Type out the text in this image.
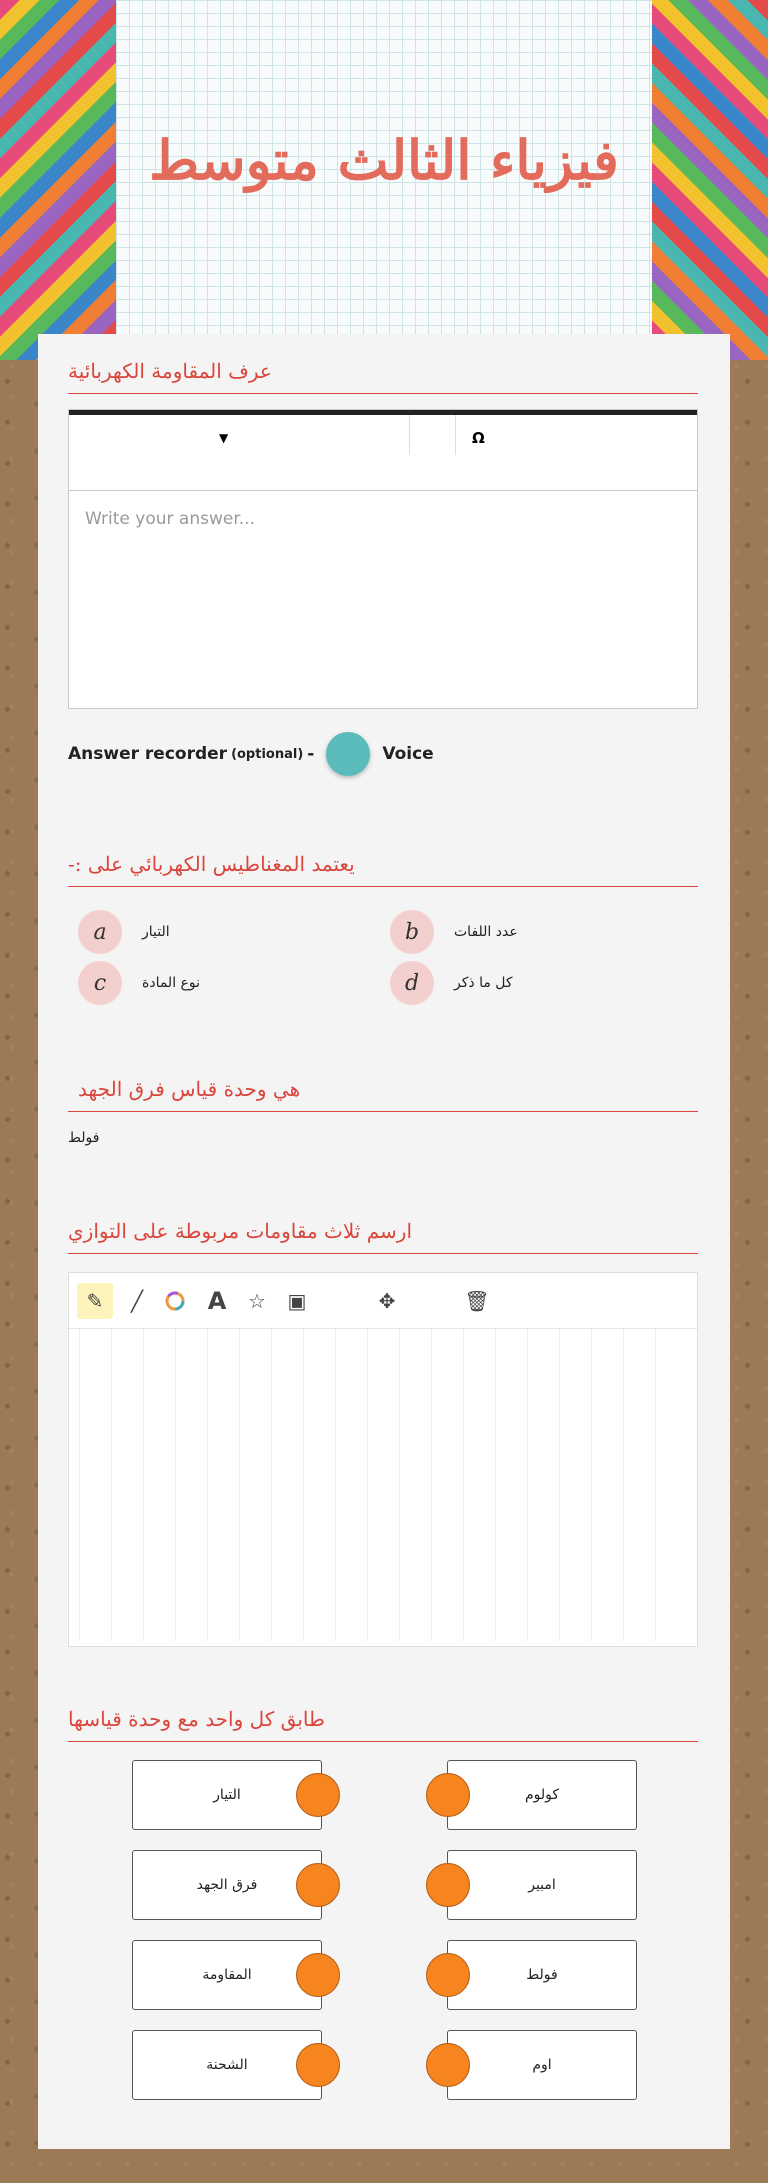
فيزياء الثالث متوسط
عرف المقاومة الكهربائية
▼	Ω
Write your answer...
Answer recorder (optional) -	Voice
يعتمد المغناطيس الكهربائي على :-
a	التيار	b	عدد اللفات
c	نوع المادة	d	كل ما ذكر
هي وحدة قياس فرق الجهد
فولط
ارسم ثلاث مقاومات مربوطة على التوازي
✎	╱	A	☆	▣	✥	🗑
طابق كل واحد مع وحدة قياسها
التيار	كولوم
فرق الجهد	امبير
المقاومة	فولط
الشحنة	اوم
